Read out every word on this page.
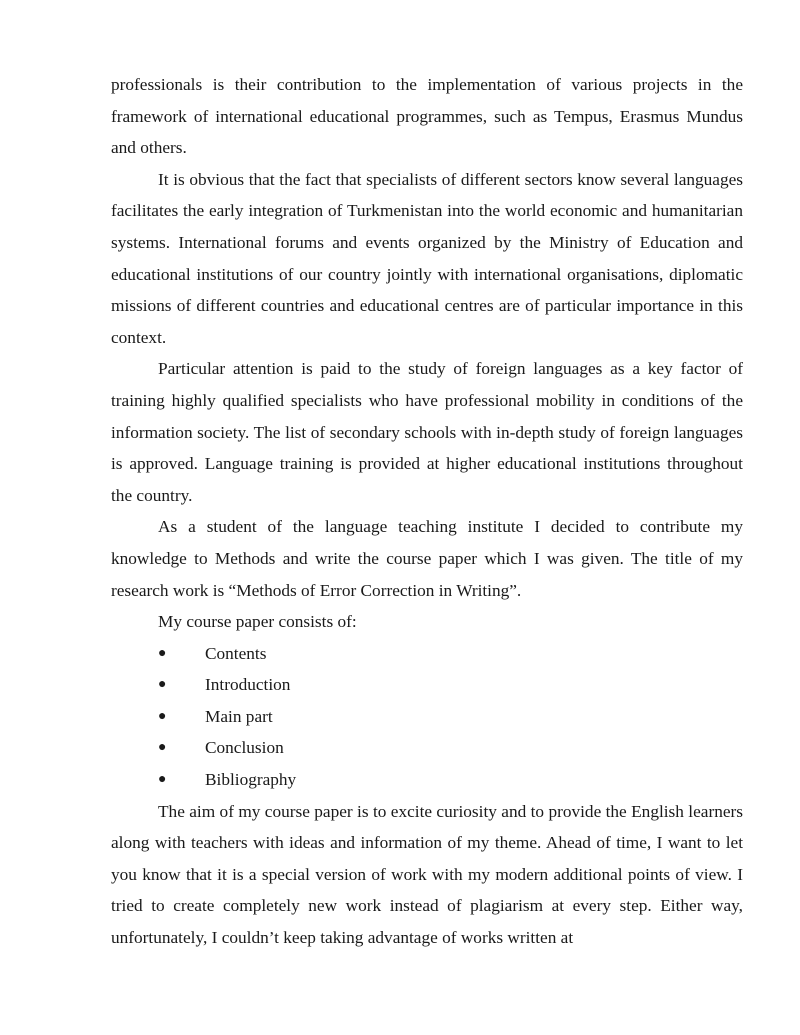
professionals is their contribution to the implementation of various projects in the framework of international educational programmes, such as Tempus, Erasmus Mundus and others.

It is obvious that the fact that specialists of different sectors know several languages facilitates the early integration of Turkmenistan into the world economic and humanitarian systems. International forums and events organized by the Ministry of Education and educational institutions of our country jointly with international organisations, diplomatic missions of different countries and educational centres are of particular importance in this context.

Particular attention is paid to the study of foreign languages as a key factor of training highly qualified specialists who have professional mobility in conditions of the information society. The list of secondary schools with in-depth study of foreign languages is approved. Language training is provided at higher educational institutions throughout the country.

As a student of the language teaching institute I decided to contribute my knowledge to Methods and write the course paper which I was given. The title of my research work is “Methods of Error Correction in Writing”.

My course paper consists of:

● Contents
● Introduction
● Main part
● Conclusion
● Bibliography

The aim of my course paper is to excite curiosity and to provide the English learners along with teachers with ideas and information of my theme. Ahead of time, I want to let you know that it is a special version of work with my modern additional points of view. I tried to create completely new work instead of plagiarism at every step. Either way, unfortunately, I couldn’t keep taking advantage of works written at
